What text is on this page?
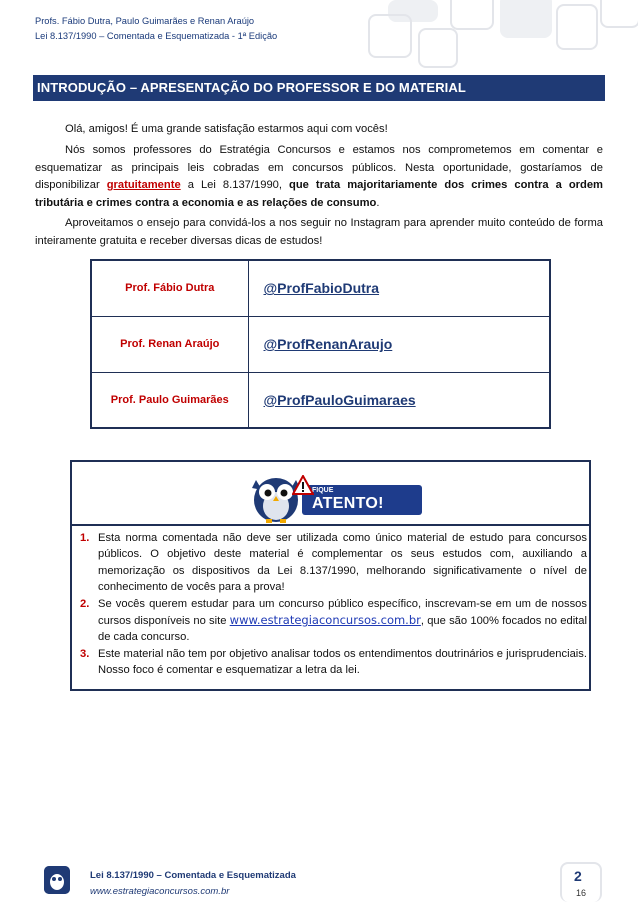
Profs. Fábio Dutra, Paulo Guimarães e Renan Araújo
Lei 8.137/1990 – Comentada e Esquematizada - 1ª Edição
INTRODUÇÃO – APRESENTAÇÃO DO PROFESSOR E DO MATERIAL
Olá, amigos! É uma grande satisfação estarmos aqui com vocês!
Nós somos professores do Estratégia Concursos e estamos nos comprometemos em comentar e esquematizar as principais leis cobradas em concursos públicos. Nesta oportunidade, gostaríamos de disponibilizar gratuitamente a Lei 8.137/1990, que trata majoritariamente dos crimes contra a ordem tributária e crimes contra a economia e as relações de consumo.
Aproveitamos o ensejo para convidá-los a nos seguir no Instagram para aprender muito conteúdo de forma inteiramente gratuita e receber diversas dicas de estudos!
Prof. Fábio Dutra	@ProfFabioDutra
Prof. Renan Araújo	@ProfRenanAraujo
Prof. Paulo Guimarães	@ProfPauloGuimaraes
FIQUE
ATENTO!
1. Esta norma comentada não deve ser utilizada como único material de estudo para concursos públicos. O objetivo deste material é complementar os seus estudos com, auxiliando a memorização os dispositivos da Lei 8.137/1990, melhorando significativamente o nível de conhecimento de vocês para a prova!
2. Se vocês querem estudar para um concurso público específico, inscrevam-se em um de nossos cursos disponíveis no site www.estrategiaconcursos.com.br, que são 100% focados no edital de cada concurso.
3. Este material não tem por objetivo analisar todos os entendimentos doutrinários e jurisprudenciais. Nosso foco é comentar e esquematizar a letra da lei.
Lei 8.137/1990 – Comentada e Esquematizada
www.estrategiaconcursos.com.br
2
16
